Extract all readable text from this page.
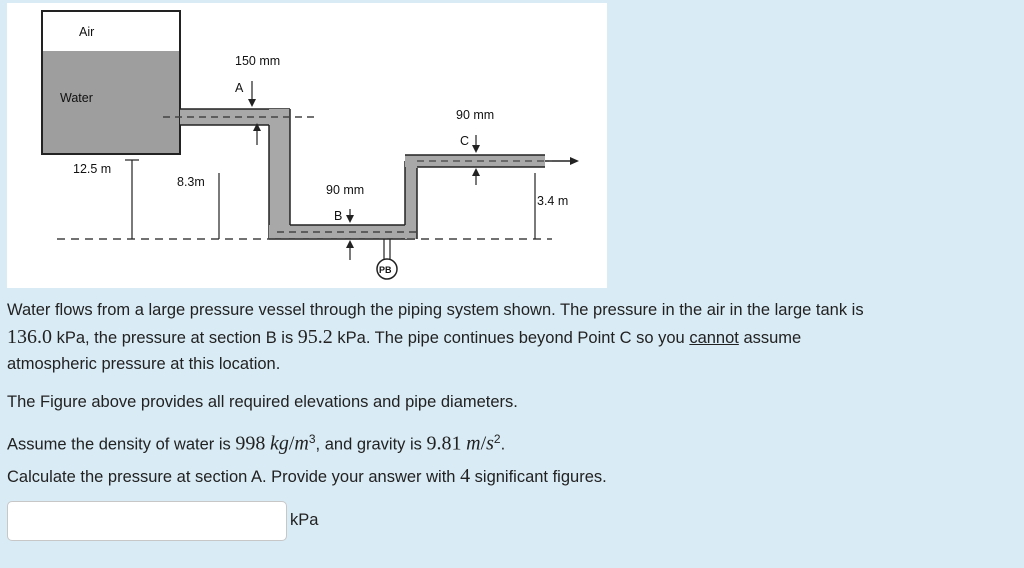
Air
Water
12.5 m
8.3m
3.4 m
150 mm
A
90 mm
B
90 mm
C
PB

Water flows from a large pressure vessel through the piping system shown. The pressure in the air in the large tank is

136.0 kPa, the pressure at section B is 95.2 kPa. The pipe continues beyond Point C so you cannot assume

atmospheric pressure at this location.

The Figure above provides all required elevations and pipe diameters.

Assume the density of water is 998 $kg/m^3$, and gravity is 9.81 $m/s^2$.

Calculate the pressure at section A. Provide your answer with 4 significant figures.

kPa
